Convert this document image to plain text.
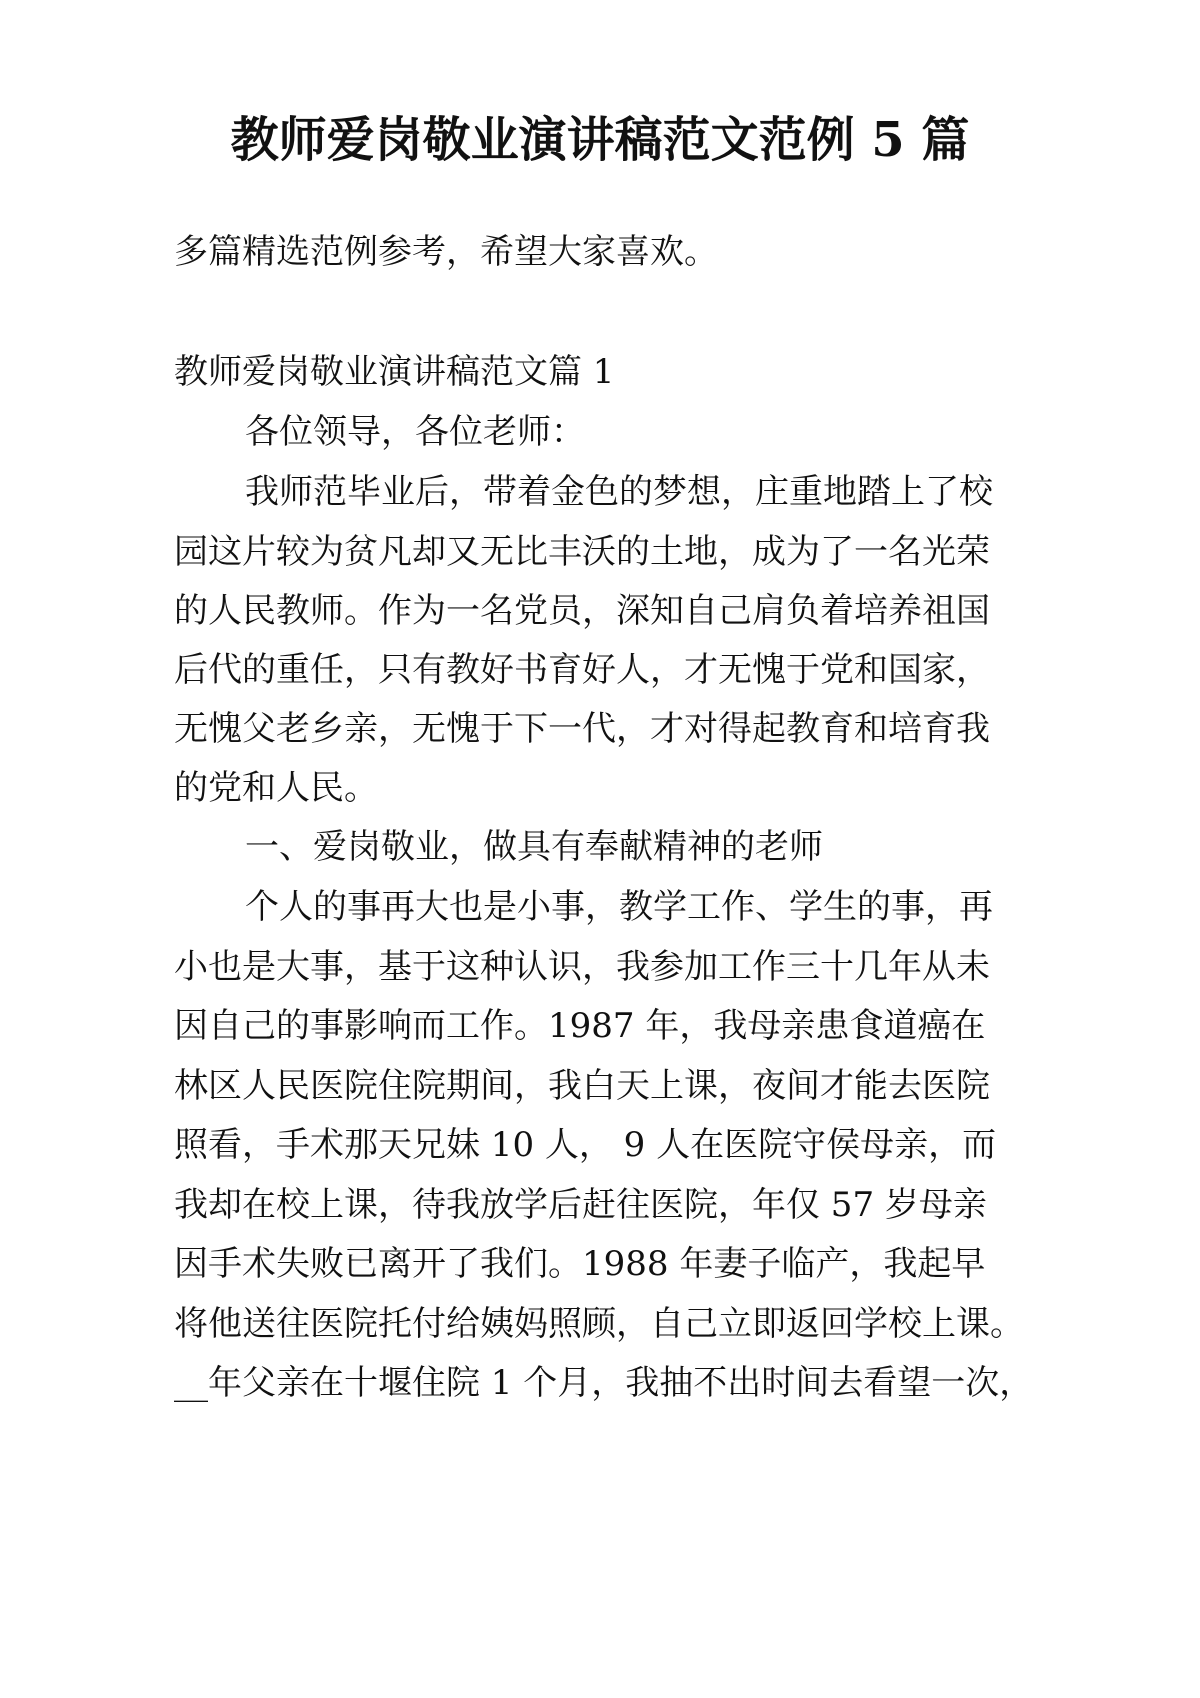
教师爱岗敬业演讲稿范文范例 5 篇
多篇精选范例参考，希望大家喜欢。
教师爱岗敬业演讲稿范文篇 1
各位领导，各位老师：
我师范毕业后，带着金色的梦想，庄重地踏上了校
园这片较为贫凡却又无比丰沃的土地，成为了一名光荣
的人民教师。作为一名党员，深知自己肩负着培养祖国
后代的重任，只有教好书育好人，才无愧于党和国家，
无愧父老乡亲，无愧于下一代，才对得起教育和培育我
的党和人民。
一、爱岗敬业，做具有奉献精神的老师
个人的事再大也是小事，教学工作、学生的事，再
小也是大事，基于这种认识，我参加工作三十几年从未
因自己的事影响而工作。1987 年，我母亲患食道癌在
林区人民医院住院期间，我白天上课，夜间才能去医院
照看，手术那天兄妹 10 人， 9 人在医院守侯母亲，而
我却在校上课，待我放学后赶往医院，年仅 57 岁母亲
因手术失败已离开了我们。1988 年妻子临产，我起早
将他送往医院托付给姨妈照顾，自己立即返回学校上课。
__年父亲在十堰住院 1 个月，我抽不出时间去看望一次，
